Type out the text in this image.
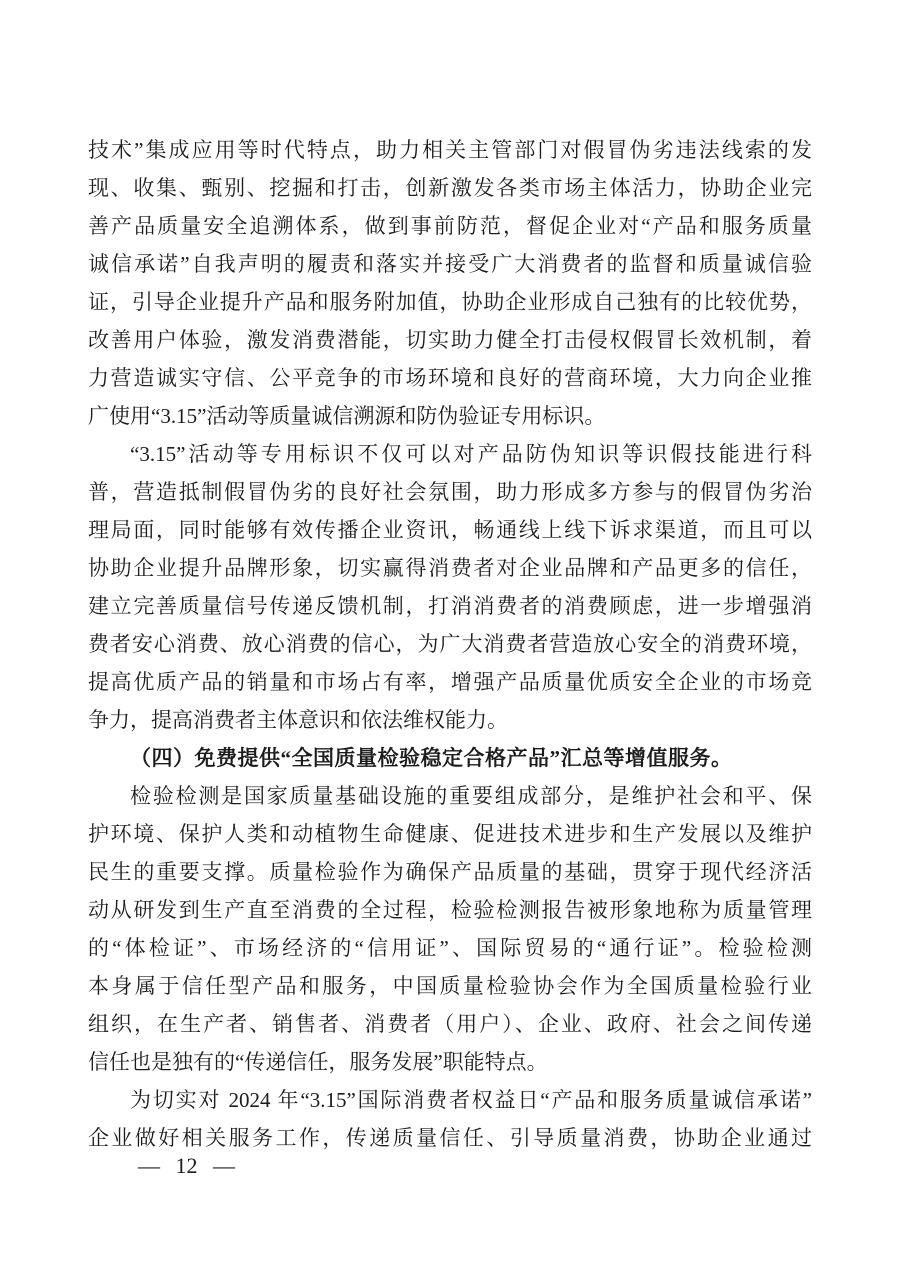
技术”集成应用等时代特点，助力相关主管部门对假冒伪劣违法线索的发
现、收集、甄别、挖掘和打击，创新激发各类市场主体活力，协助企业完
善产品质量安全追溯体系，做到事前防范，督促企业对“产品和服务质量
诚信承诺”自我声明的履责和落实并接受广大消费者的监督和质量诚信验
证，引导企业提升产品和服务附加值，协助企业形成自己独有的比较优势，
改善用户体验，激发消费潜能，切实助力健全打击侵权假冒长效机制，着
力营造诚实守信、公平竞争的市场环境和良好的营商环境，大力向企业推
广使用“3.15”活动等质量诚信溯源和防伪验证专用标识。
“3.15”活动等专用标识不仅可以对产品防伪知识等识假技能进行科
普，营造抵制假冒伪劣的良好社会氛围，助力形成多方参与的假冒伪劣治
理局面，同时能够有效传播企业资讯，畅通线上线下诉求渠道，而且可以
协助企业提升品牌形象，切实赢得消费者对企业品牌和产品更多的信任，
建立完善质量信号传递反馈机制，打消消费者的消费顾虑，进一步增强消
费者安心消费、放心消费的信心，为广大消费者营造放心安全的消费环境，
提高优质产品的销量和市场占有率，增强产品质量优质安全企业的市场竞
争力，提高消费者主体意识和依法维权能力。
（四）免费提供“全国质量检验稳定合格产品”汇总等增值服务。
检验检测是国家质量基础设施的重要组成部分，是维护社会和平、保
护环境、保护人类和动植物生命健康、促进技术进步和生产发展以及维护
民生的重要支撑。质量检验作为确保产品质量的基础，贯穿于现代经济活
动从研发到生产直至消费的全过程，检验检测报告被形象地称为质量管理
的“体检证”、市场经济的“信用证”、国际贸易的“通行证”。检验检测
本身属于信任型产品和服务，中国质量检验协会作为全国质量检验行业
组织，在生产者、销售者、消费者（用户）、企业、政府、社会之间传递
信任也是独有的“传递信任，服务发展”职能特点。
为切实对 2024 年“3.15”国际消费者权益日“产品和服务质量诚信承诺”
企业做好相关服务工作，传递质量信任、引导质量消费，协助企业通过
— 12 —
